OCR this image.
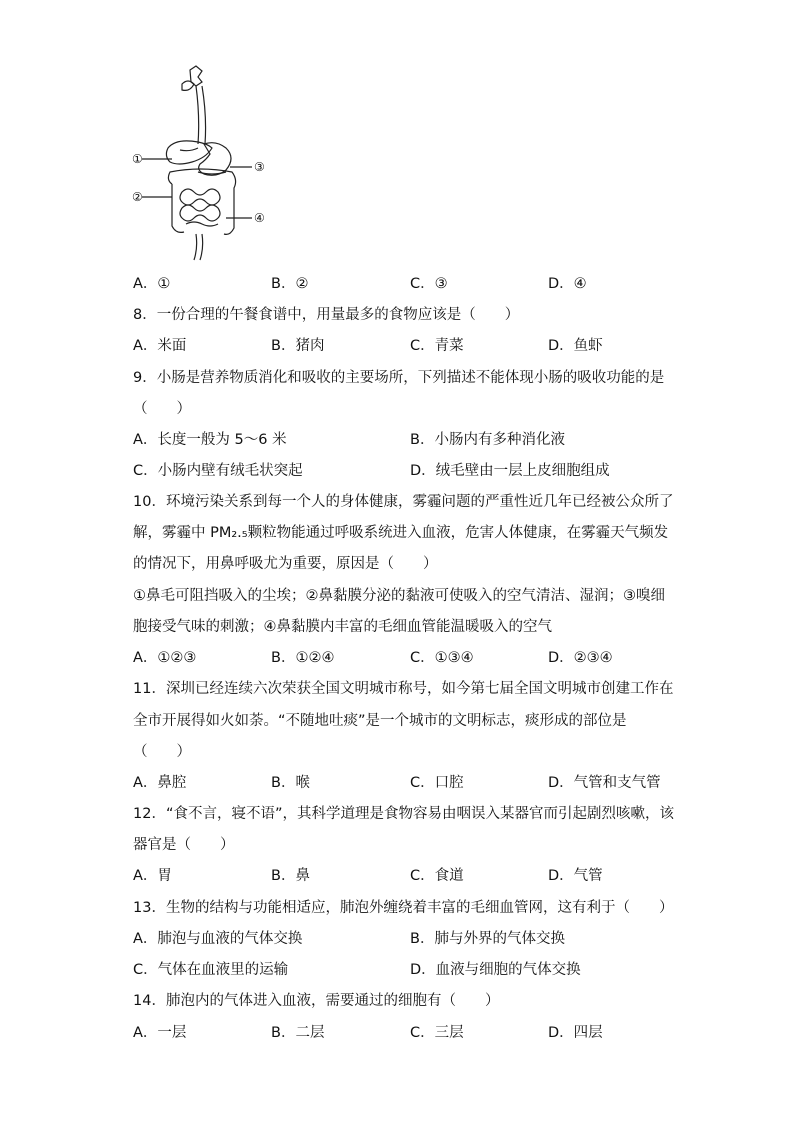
①
②
③
④
A．①	B．②	C．③	D．④
8．一份合理的午餐食谱中，用量最多的食物应该是（　　）
A．米面	B．猪肉	C．青菜	D．鱼虾
9．小肠是营养物质消化和吸收的主要场所，下列描述不能体现小肠的吸收功能的是
（　　）
A．长度一般为 5～6 米	B．小肠内有多种消化液
C．小肠内壁有绒毛状突起	D．绒毛壁由一层上皮细胞组成
10．环境污染关系到每一个人的身体健康，雾霾问题的严重性近几年已经被公众所了
解，雾霾中 PM₂.₅颗粒物能通过呼吸系统进入血液，危害人体健康，在雾霾天气频发
的情况下，用鼻呼吸尤为重要，原因是（　　）
①鼻毛可阻挡吸入的尘埃；②鼻黏膜分泌的黏液可使吸入的空气清洁、湿润；③嗅细
胞接受气味的刺激；④鼻黏膜内丰富的毛细血管能温暖吸入的空气
A．①②③	B．①②④	C．①③④	D．②③④
11．深圳已经连续六次荣获全国文明城市称号，如今第七届全国文明城市创建工作在
全市开展得如火如荼。“不随地吐痰”是一个城市的文明标志，痰形成的部位是
（　　）
A．鼻腔	B．喉	C．口腔	D．气管和支气管
12．“食不言，寝不语”，其科学道理是食物容易由咽误入某器官而引起剧烈咳嗽，该
器官是（　　）
A．胃	B．鼻	C．食道	D．气管
13．生物的结构与功能相适应，肺泡外缠绕着丰富的毛细血管网，这有利于（　　）
A．肺泡与血液的气体交换	B．肺与外界的气体交换
C．气体在血液里的运输	D．血液与细胞的气体交换
14．肺泡内的气体进入血液，需要通过的细胞有（　　）
A．一层	B．二层	C．三层	D．四层
